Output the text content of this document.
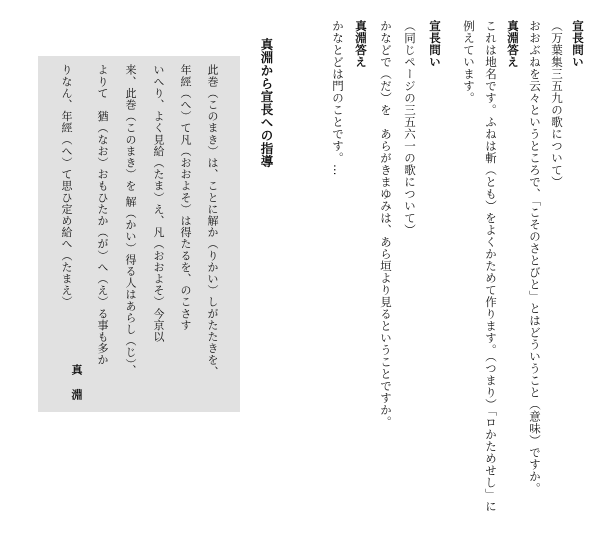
宣長問い
（万葉集三五九の歌について）
おおぶねを云々というところで、「こそのさとびと」とはどういうこと（意味）ですか。
真淵答え
これは地名です。ふねは斬（とも）をよくかためて作ります。（つまり）「ロかためせし」に
例えています。
宣長問い
（同じページの三五六一の歌について）
かなどで（だ）を　あらがきまゆみは、あら垣より見るということですか。
真淵答え
かなとどは門のことです。…
真淵から宣長への指導
此巻（このまき）は、ことに解か（りかい）しがたたきを、
年經（へ）て凡（おおよそ）は得たるを、のこさす
いへり、よく見給（たま）え、凡（おおよそ）今京以
来、此巻（このまき）を 解（かい）得る人はあらし（じ）、
よりて　猶（なお）おもひたか（が）へ（え）る事も多か
りなん、年經（へ）て思ひ定め給へ（たまえ）
真淵
